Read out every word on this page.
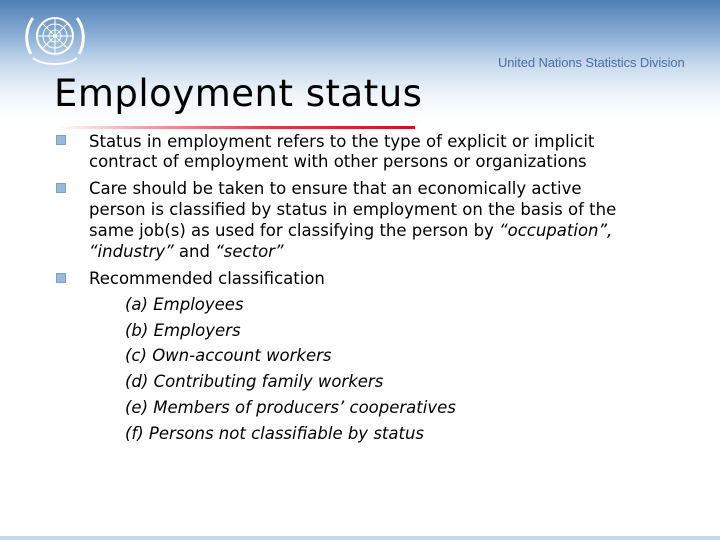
United Nations Statistics Division
Employment status
Status in employment refers to the type of explicit or implicit
contract of employment with other persons or organizations
Care should be taken to ensure that an economically active
person is classified by status in employment on the basis of the
same job(s) as used for classifying the person by “occupation”,
“industry” and “sector”
Recommended classification
(a) Employees
(b) Employers
(c) Own-account workers
(d) Contributing family workers
(e) Members of producers’ cooperatives
(f) Persons not classifiable by status
